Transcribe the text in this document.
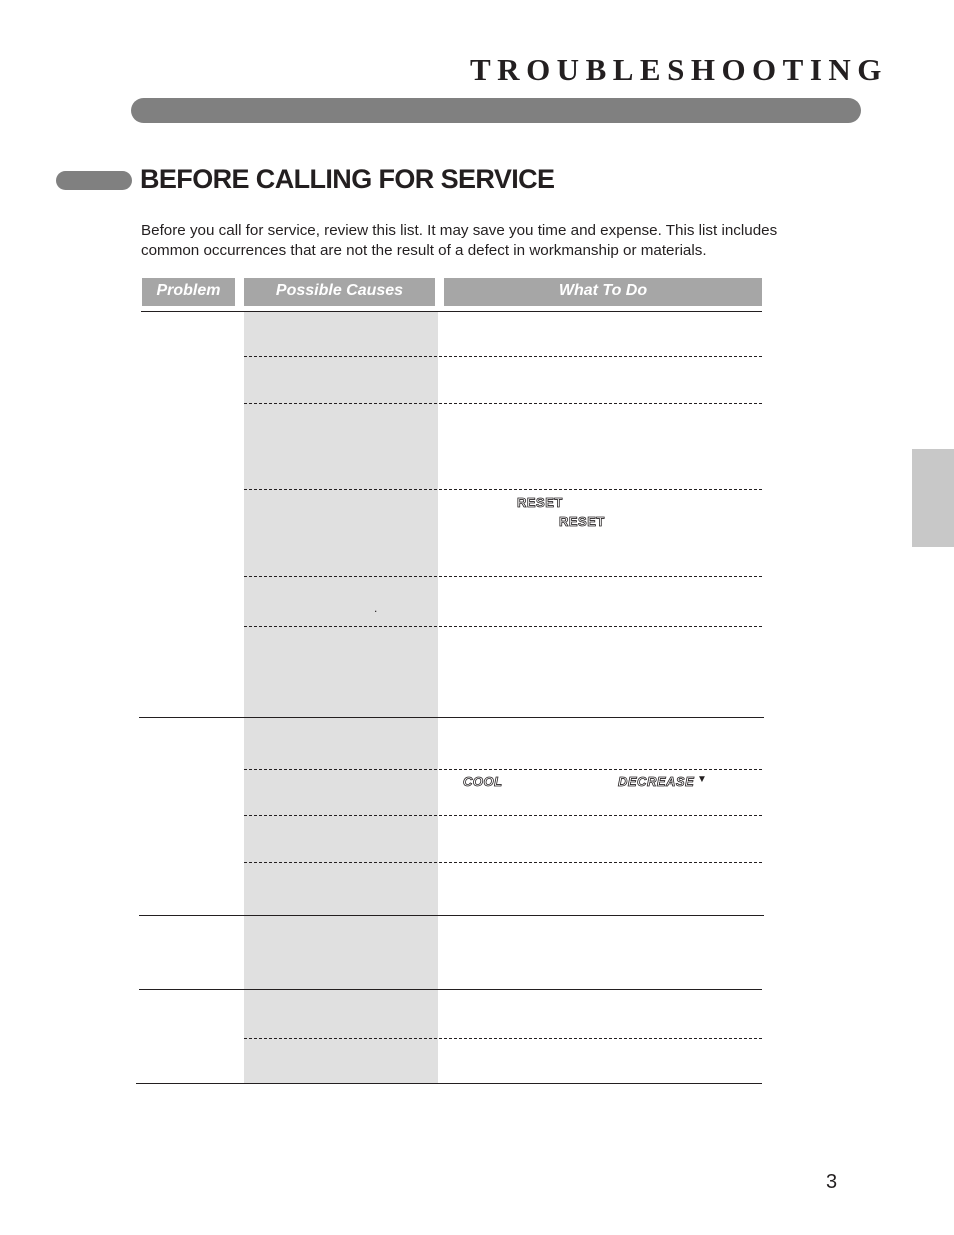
TROUBLESHOOTING
BEFORE CALLING FOR SERVICE

Before you call for service, review this list. It may save you time and expense. This list includes common occurrences that are not the result of a defect in workmanship or materials.

Problem	Possible Causes	What To Do
RESET
RESET
.
COOL	DECREASE ▼
3
